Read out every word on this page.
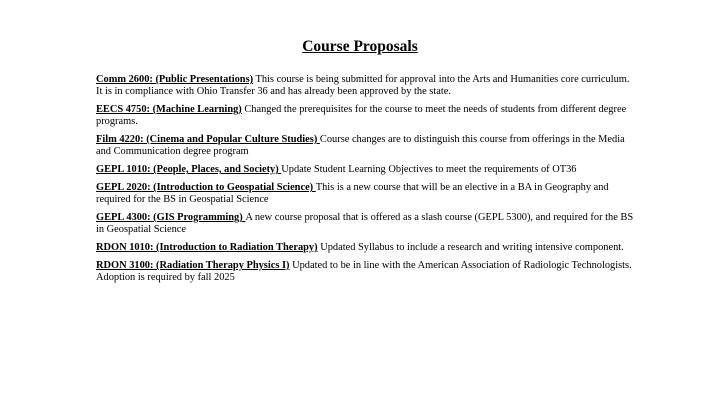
Course Proposals

Comm 2600: (Public Presentations) This course is being submitted for approval into the Arts and Humanities core curriculum. It is in compliance with Ohio Transfer 36 and has already been approved by the state.

EECS 4750: (Machine Learning) Changed the prerequisites for the course to meet the needs of students from different degree programs.

Film 4220: (Cinema and Popular Culture Studies) Course changes are to distinguish this course from offerings in the Media and Communication degree program

GEPL 1010: (People, Places, and Society) Update Student Learning Objectives to meet the requirements of OT36

GEPL 2020: (Introduction to Geospatial Science) This is a new course that will be an elective in a BA in Geography and required for the BS in Geospatial Science

GEPL 4300: (GIS Programming) A new course proposal that is offered as a slash course (GEPL 5300), and required for the BS in Geospatial Science

RDON 1010: (Introduction to Radiation Therapy) Updated Syllabus to include a research and writing intensive component.

RDON 3100: (Radiation Therapy Physics I) Updated to be in line with the American Association of Radiologic Technologists. Adoption is required by fall 2025
